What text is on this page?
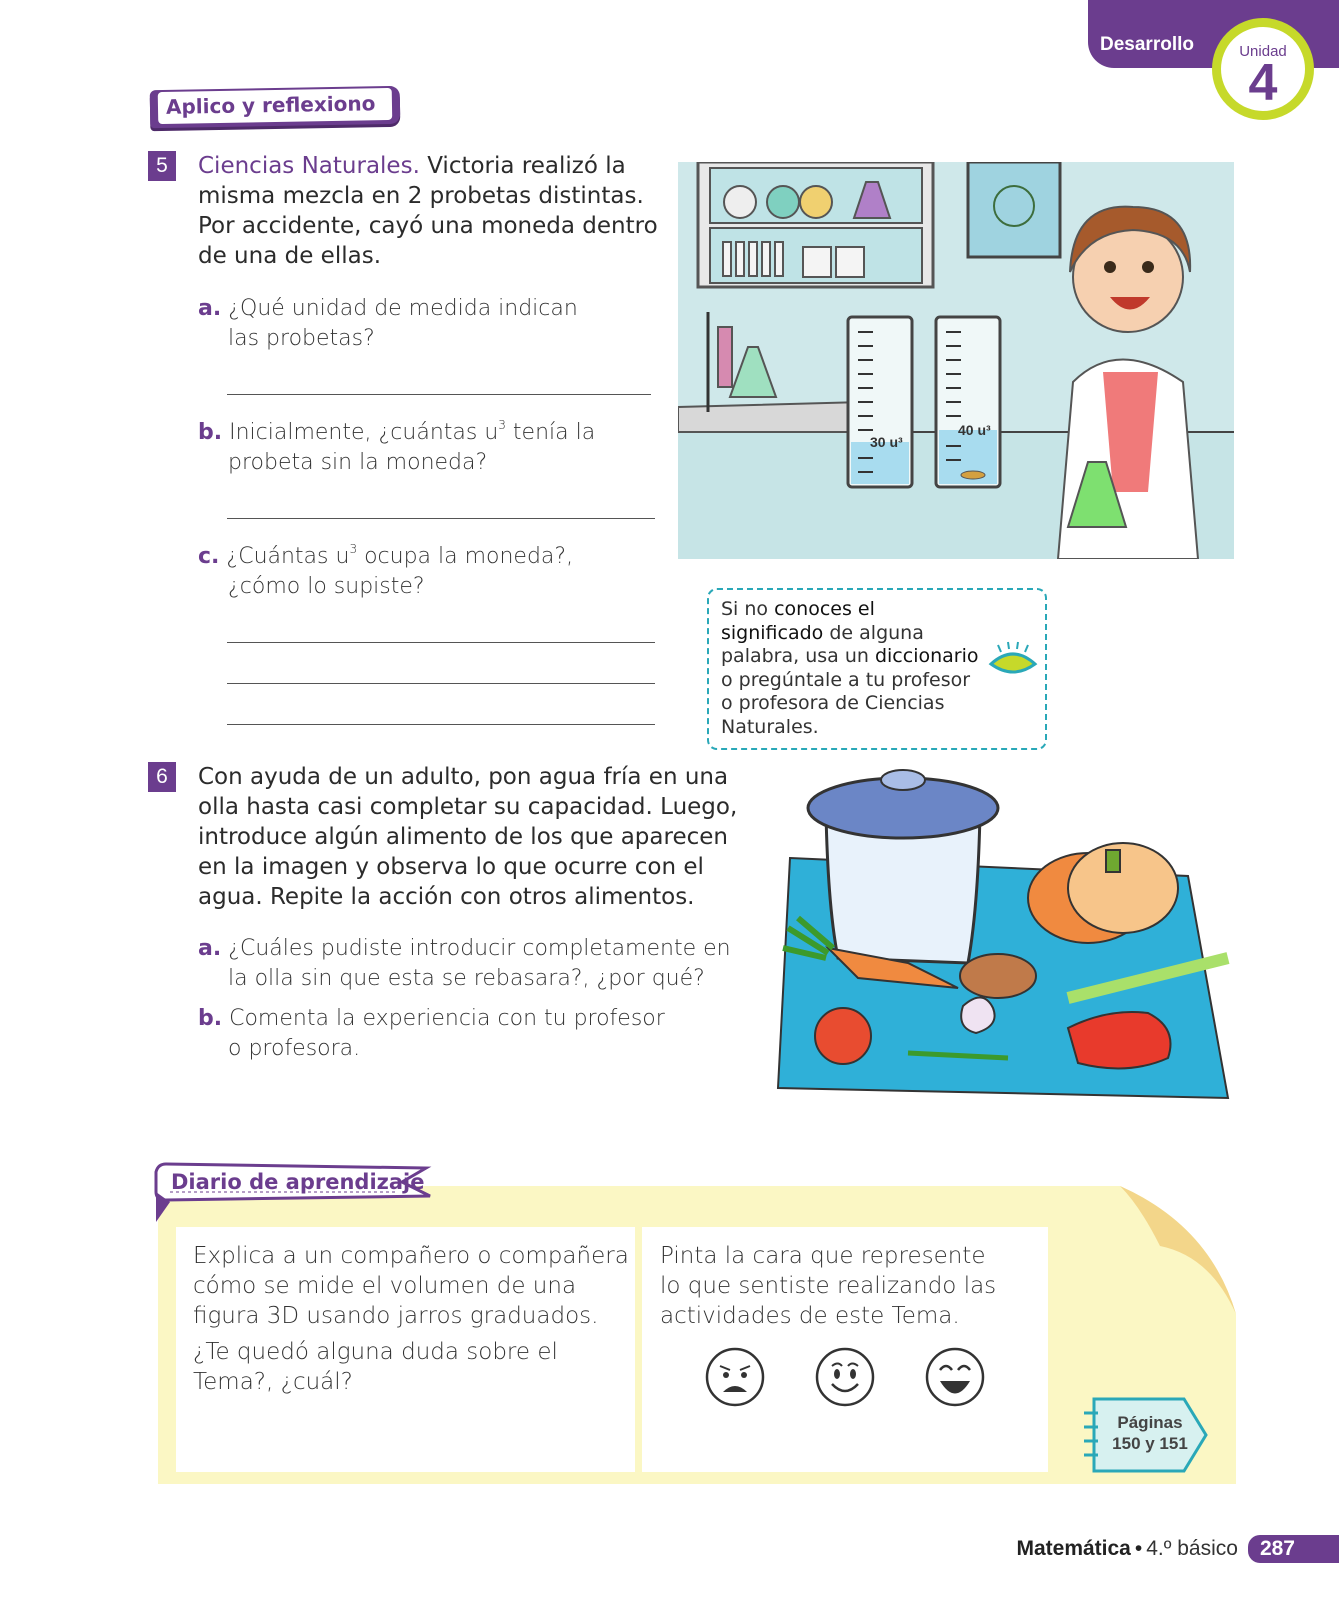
Desarrollo	Unidad
4
Aplico y reflexiono
5	Ciencias Naturales. Victoria realizó la
misma mezcla en 2 probetas distintas.
Por accidente, cayó una moneda dentro
de una de ellas.
a. ¿Qué unidad de medida indican
las probetas?
b. Inicialmente, ¿cuántas $u^3$ tenía la
probeta sin la moneda?
c. ¿Cuántas $u^3$ ocupa la moneda?,
¿cómo lo supiste?
30 u³
40 u³
Si no conoces el significado de alguna palabra, usa un diccionario o pregúntale a tu profesor o profesora de Ciencias Naturales.
6	Con ayuda de un adulto, pon agua fría en una
olla hasta casi completar su capacidad. Luego,
introduce algún alimento de los que aparecen
en la imagen y observa lo que ocurre con el
agua. Repite la acción con otros alimentos.
a. ¿Cuáles pudiste introducir completamente en
la olla sin que esta se rebasara?, ¿por qué?
b. Comenta la experiencia con tu profesor
o profesora.
Diario de aprendizaje
Explica a un compañero o compañera
cómo se mide el volumen de una
figura 3D usando jarros graduados.
¿Te quedó alguna duda sobre el
Tema?, ¿cuál?
Pinta la cara que represente
lo que sentiste realizando las
actividades de este Tema.
Páginas
150 y 151
Matemática • 4.º básico	287
